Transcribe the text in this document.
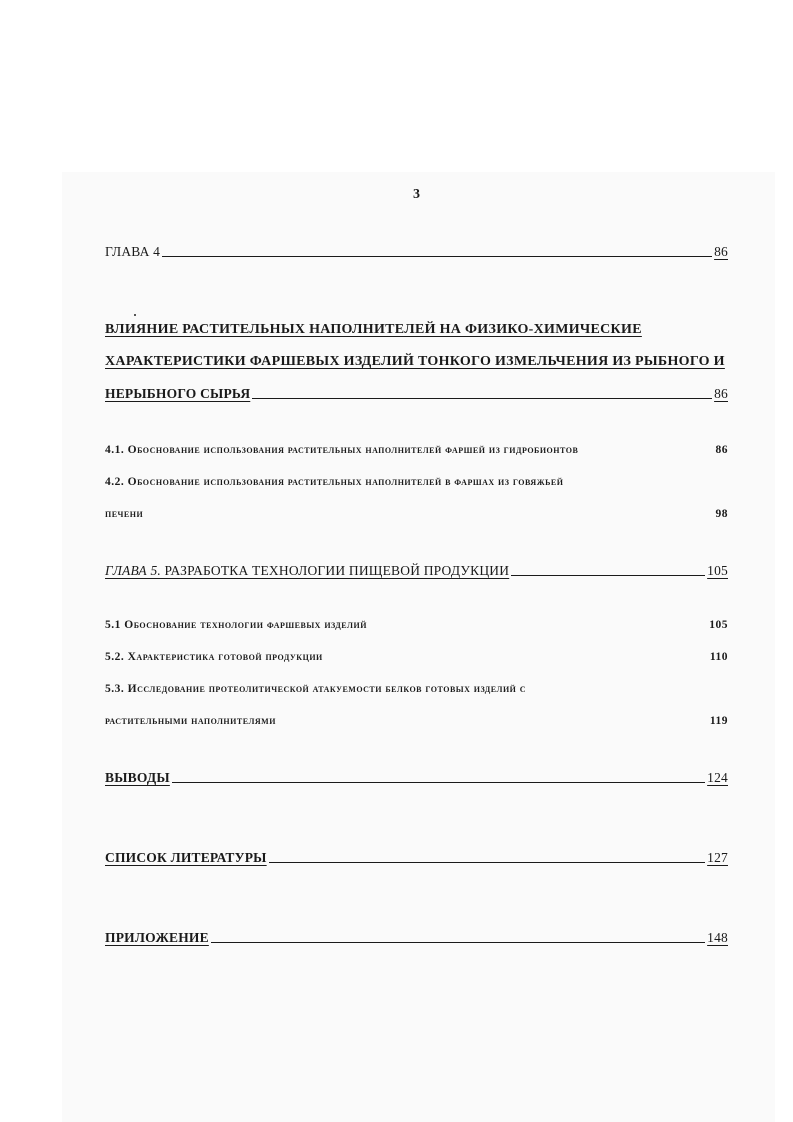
3
ГЛАВА 4	86
ВЛИЯНИЕ РАСТИТЕЛЬНЫХ НАПОЛНИТЕЛЕЙ НА ФИЗИКО-ХИМИЧЕСКИЕ
ХАРАКТЕРИСТИКИ ФАРШЕВЫХ ИЗДЕЛИЙ ТОНКОГО ИЗМЕЛЬЧЕНИЯ ИЗ РЫБНОГО И
НЕРЫБНОГО СЫРЬЯ	86
4.1. Обоснование использования растительных наполнителей фаршей из гидробионтов	86
4.2. Обоснование использования растительных наполнителей в фаршах из говяжьей
печени	98
ГЛАВА 5. РАЗРАБОТКА ТЕХНОЛОГИИ ПИЩЕВОЙ ПРОДУКЦИИ	105
5.1 Обоснование технологии фаршевых изделий	105
5.2. Характеристика готовой продукции	110
5.3. Исследование протеолитической атакуемости белков готовых изделий с
растительными наполнителями	119
ВЫВОДЫ	124
СПИСОК ЛИТЕРАТУРЫ	127
ПРИЛОЖЕНИЕ	148
